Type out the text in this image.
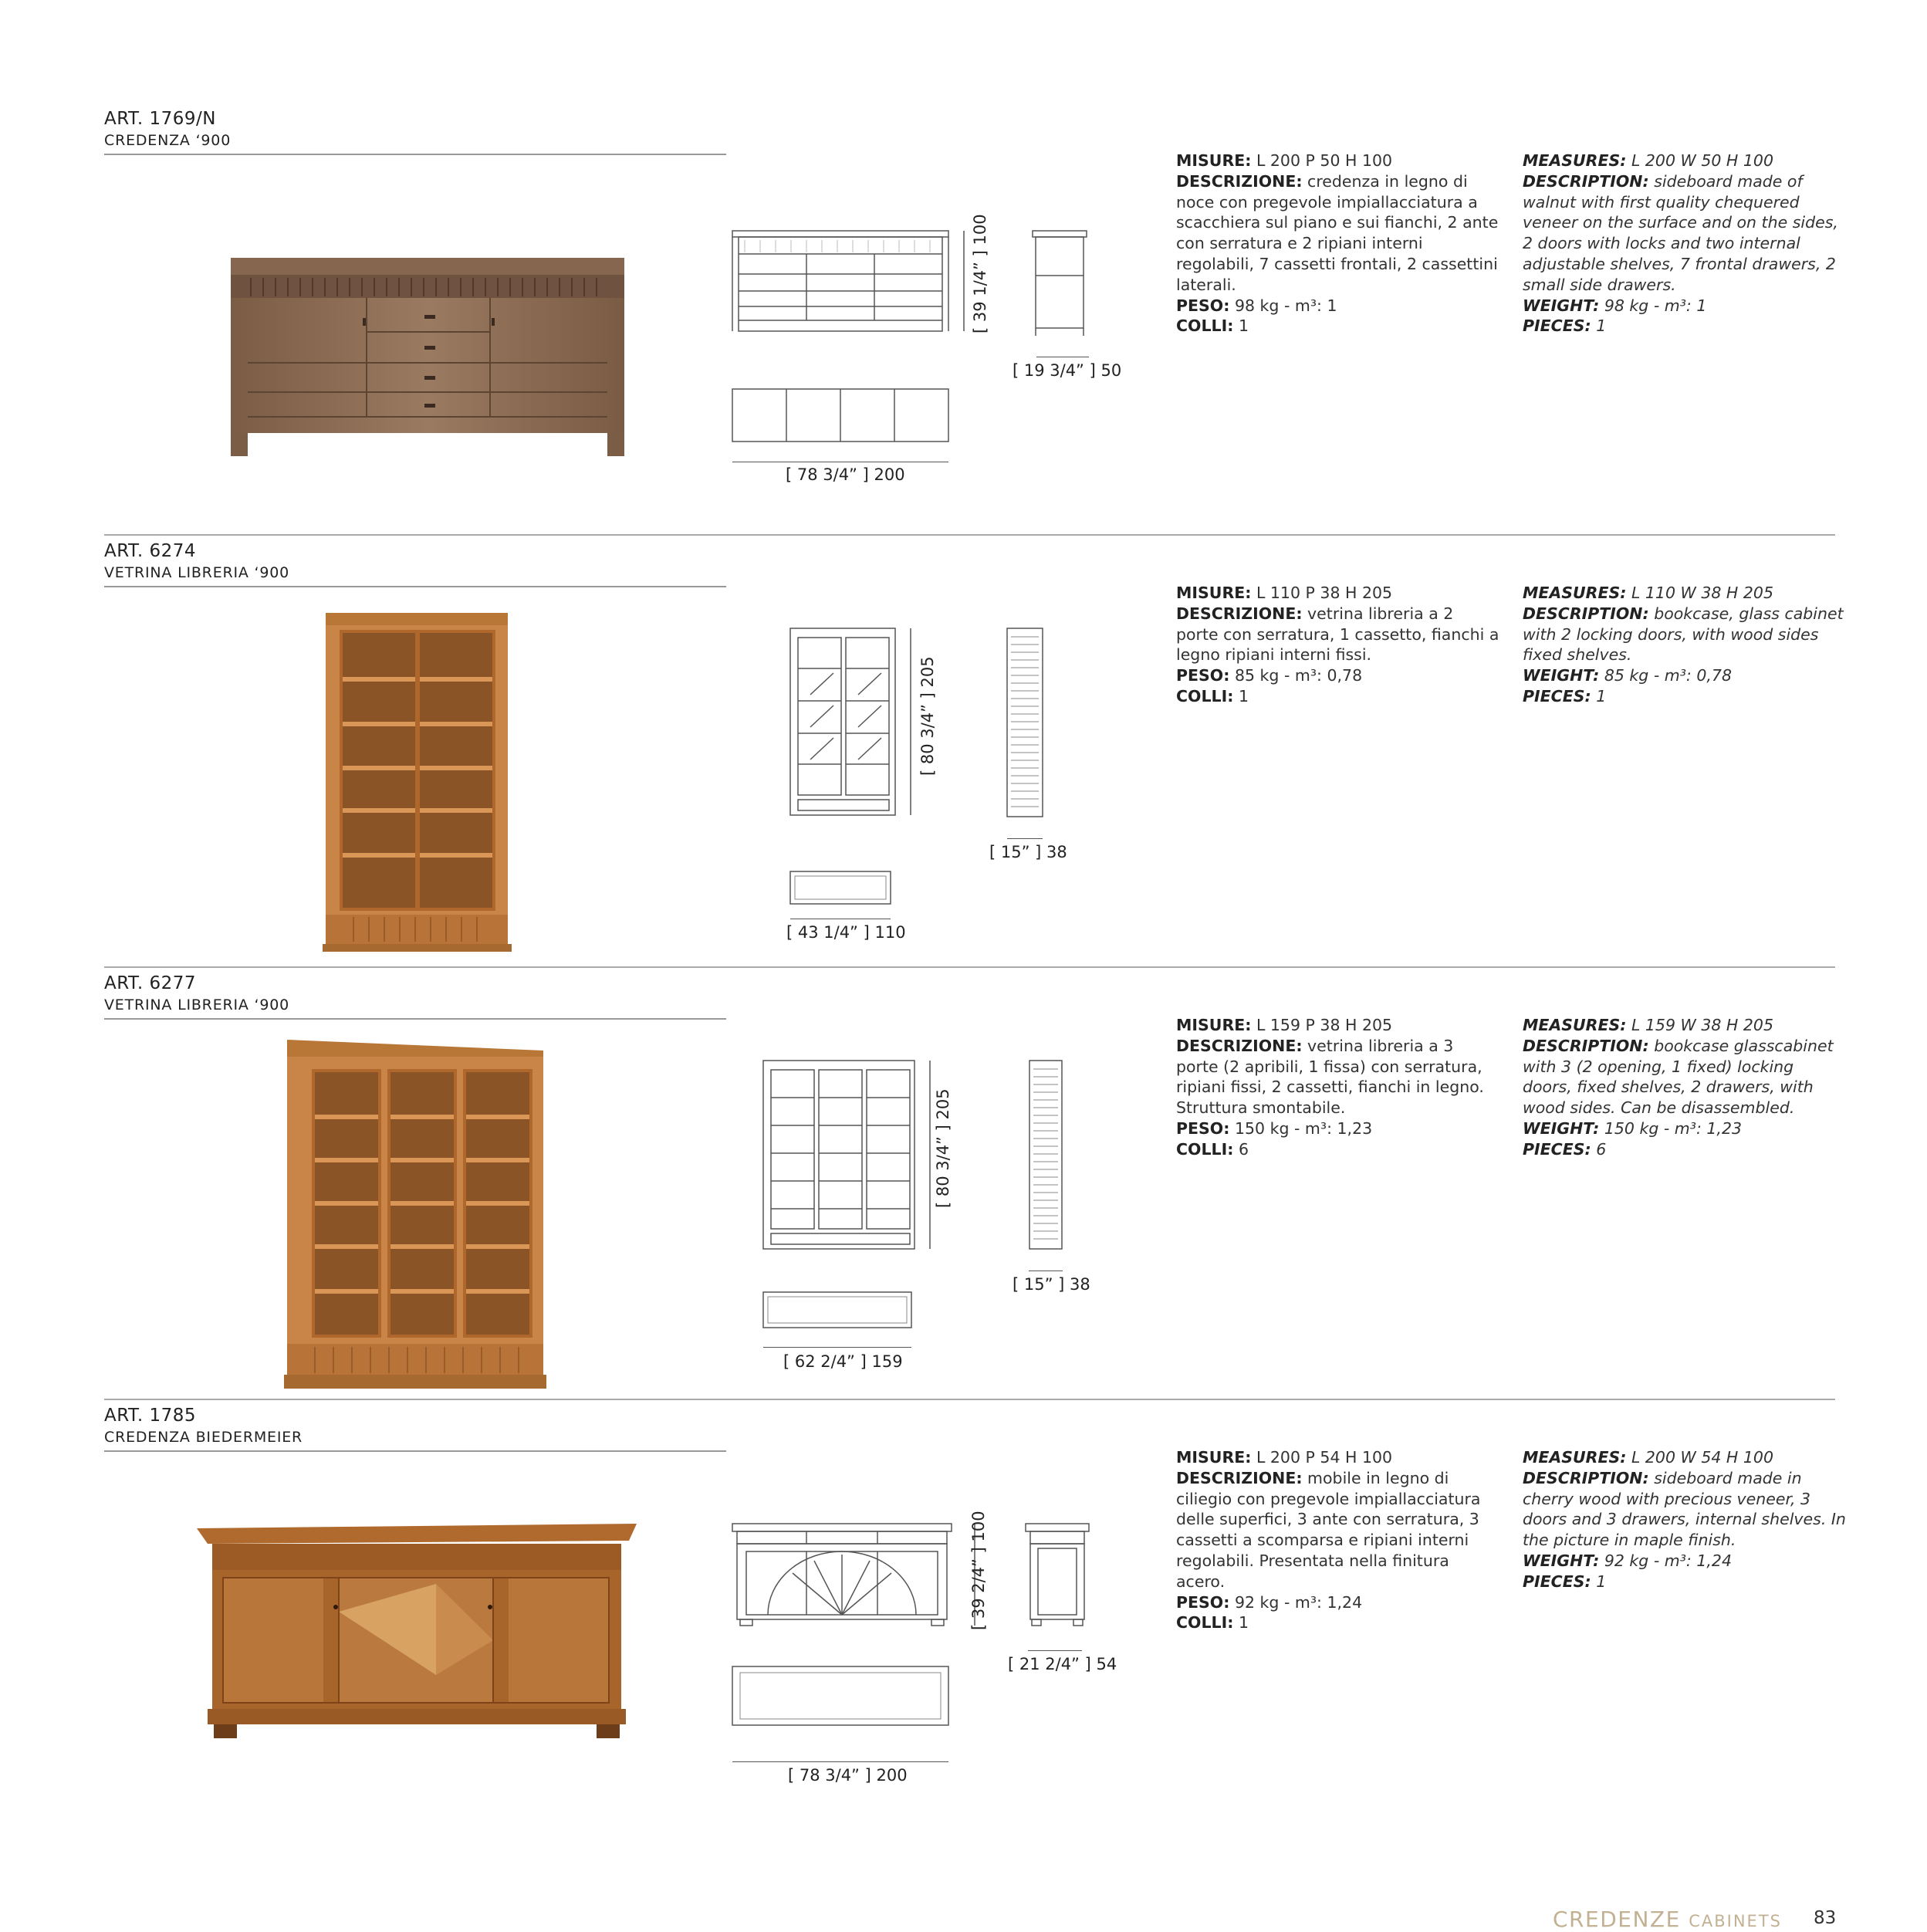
ART. 1769/N
CREDENZA ‘900
[ 39 1/4” ] 100
[ 19 3/4” ] 50
[ 78 3/4” ] 200
MISURE: L 200 P 50 H 100
DESCRIZIONE: credenza in legno di noce con pregevole impiallacciatura a scacchiera sul piano e sui fianchi, 2 ante con serratura e 2 ripiani interni regolabili, 7 cassetti frontali, 2 cassettini laterali.
PESO: 98 kg - m³: 1
COLLI: 1
MEASURES: L 200 W 50 H 100
DESCRIPTION: sideboard made of walnut with first quality chequered veneer on the surface and on the sides, 2 doors with locks and two internal adjustable shelves, 7 frontal drawers, 2 small side drawers.
WEIGHT: 98 kg - m³: 1
PIECES: 1
ART. 6274
VETRINA LIBRERIA ‘900
[ 80 3/4” ] 205
[ 15” ] 38
[ 43 1/4” ] 110
MISURE: L 110 P 38 H 205
DESCRIZIONE: vetrina libreria a 2 porte con serratura, 1 cassetto, fianchi a legno ripiani interni fissi.
PESO: 85 kg - m³: 0,78
COLLI: 1
MEASURES: L 110 W 38 H 205
DESCRIPTION: bookcase, glass cabinet with 2 locking doors, with wood sides fixed shelves.
WEIGHT: 85 kg - m³: 0,78
PIECES: 1
ART. 6277
VETRINA LIBRERIA ‘900
[ 80 3/4” ] 205
[ 15” ] 38
[ 62 2/4” ] 159
MISURE: L 159 P 38 H 205
DESCRIZIONE: vetrina libreria a 3 porte (2 apribili, 1 fissa) con serratura, ripiani fissi, 2 cassetti, fianchi in legno. Struttura smontabile.
PESO: 150 kg - m³: 1,23
COLLI: 6
MEASURES: L 159 W 38 H 205
DESCRIPTION: bookcase glasscabinet with 3 (2 opening, 1 fixed) locking doors, fixed shelves, 2 drawers, with wood sides. Can be disassembled.
WEIGHT: 150 kg - m³: 1,23
PIECES: 6
ART. 1785
CREDENZA BIEDERMEIER
[ 39 2/4” ] 100
[ 21 2/4” ] 54
[ 78 3/4” ] 200
MISURE: L 200 P 54 H 100
DESCRIZIONE: mobile in legno di ciliegio con pregevole impiallacciatura delle superfici, 3 ante con serratura, 3 cassetti a scomparsa e ripiani interni regolabili. Presentata nella finitura acero.
PESO: 92 kg - m³: 1,24
COLLI: 1
MEASURES: L 200 W 54 H 100
DESCRIPTION: sideboard made in cherry wood with precious veneer, 3 doors and 3 drawers, internal shelves. In the picture in maple finish.
WEIGHT: 92 kg - m³: 1,24
PIECES: 1
CREDENZE CABINETS 83
